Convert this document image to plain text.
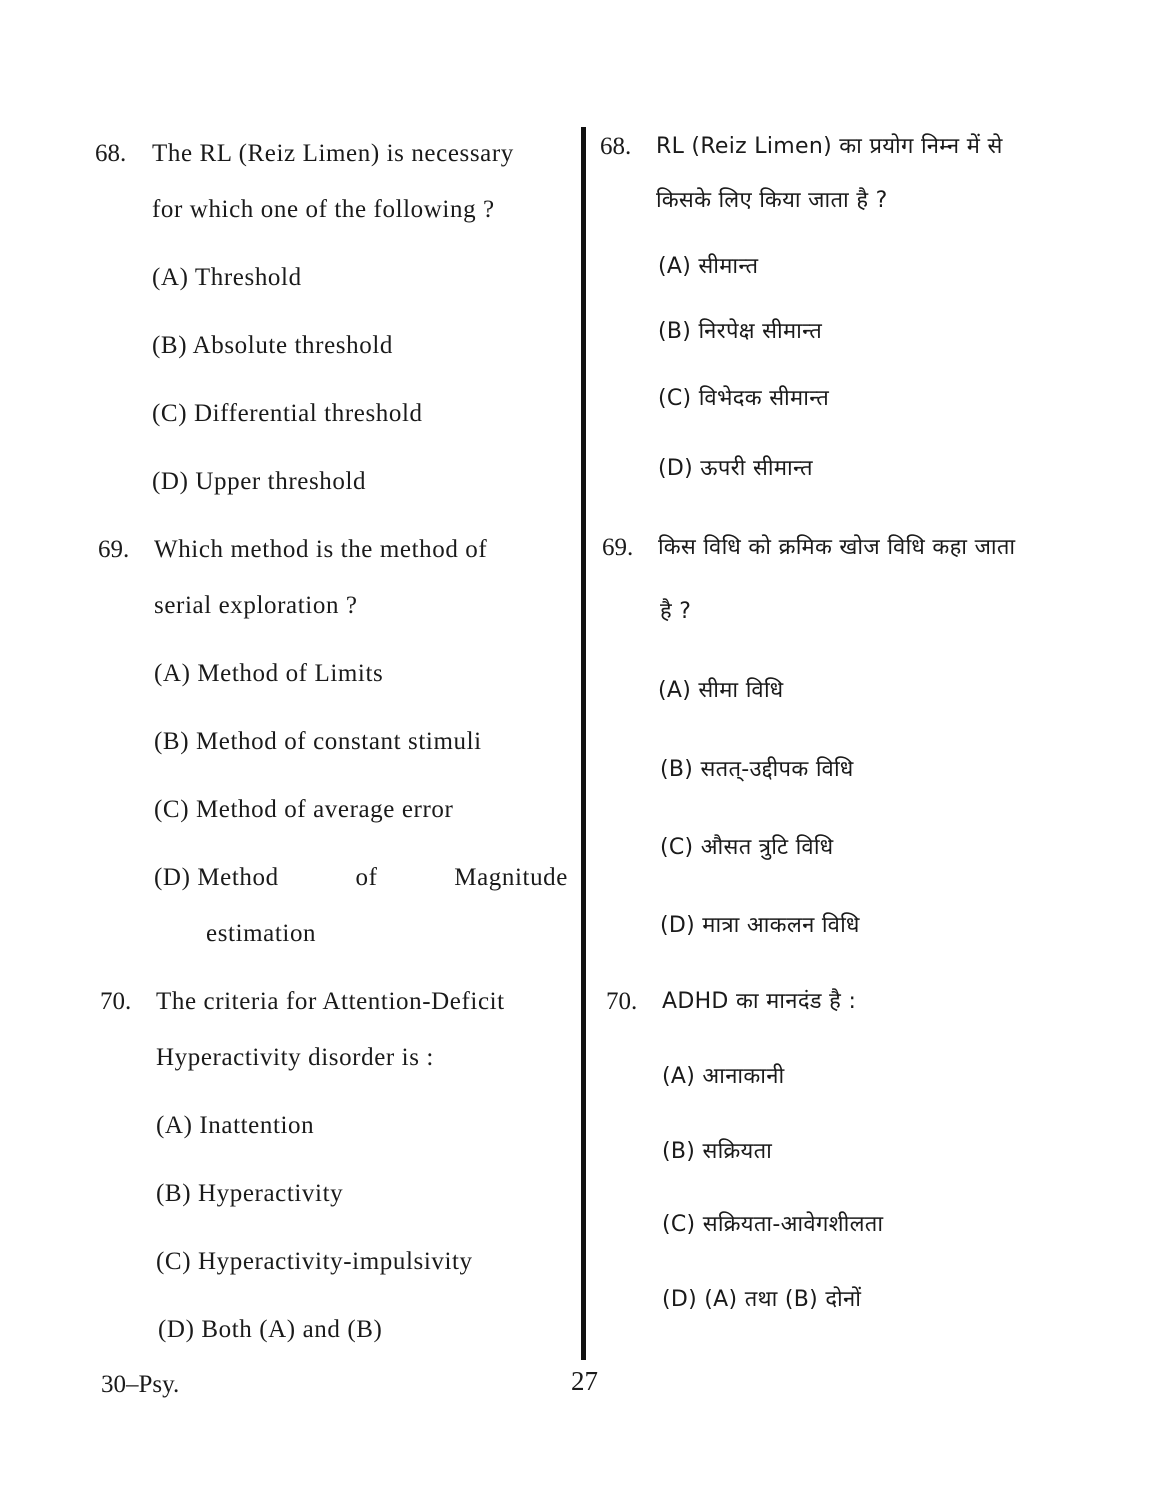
68. The RL (Reiz Limen) is necessary
for which one of the following ?
(A) Threshold
(B) Absolute threshold
(C) Differential threshold
(D) Upper threshold
69. Which method is the method of
serial exploration ?
(A) Method of Limits
(B) Method of constant stimuli
(C) Method of average error
(D) Method	of	Magnitude
estimation
70. The criteria for Attention-Deficit
Hyperactivity disorder is :
(A) Inattention
(B) Hyperactivity
(C) Hyperactivity-impulsivity
(D) Both (A) and (B)
68. RL (Reiz Limen) का प्रयोग निम्न में से
किसके लिए किया जाता है ?
(A) सीमान्त
(B) निरपेक्ष सीमान्त
(C) विभेदक सीमान्त
(D) ऊपरी सीमान्त
69. किस विधि को क्रमिक खोज विधि कहा जाता
है ?
(A) सीमा विधि
(B) सतत्-उद्दीपक विधि
(C) औसत त्रुटि विधि
(D) मात्रा आकलन विधि
70. ADHD का मानदंड है :
(A) आनाकानी
(B) सक्रियता
(C) सक्रियता-आवेगशीलता
(D) (A) तथा (B) दोनों
30–Psy.	27
